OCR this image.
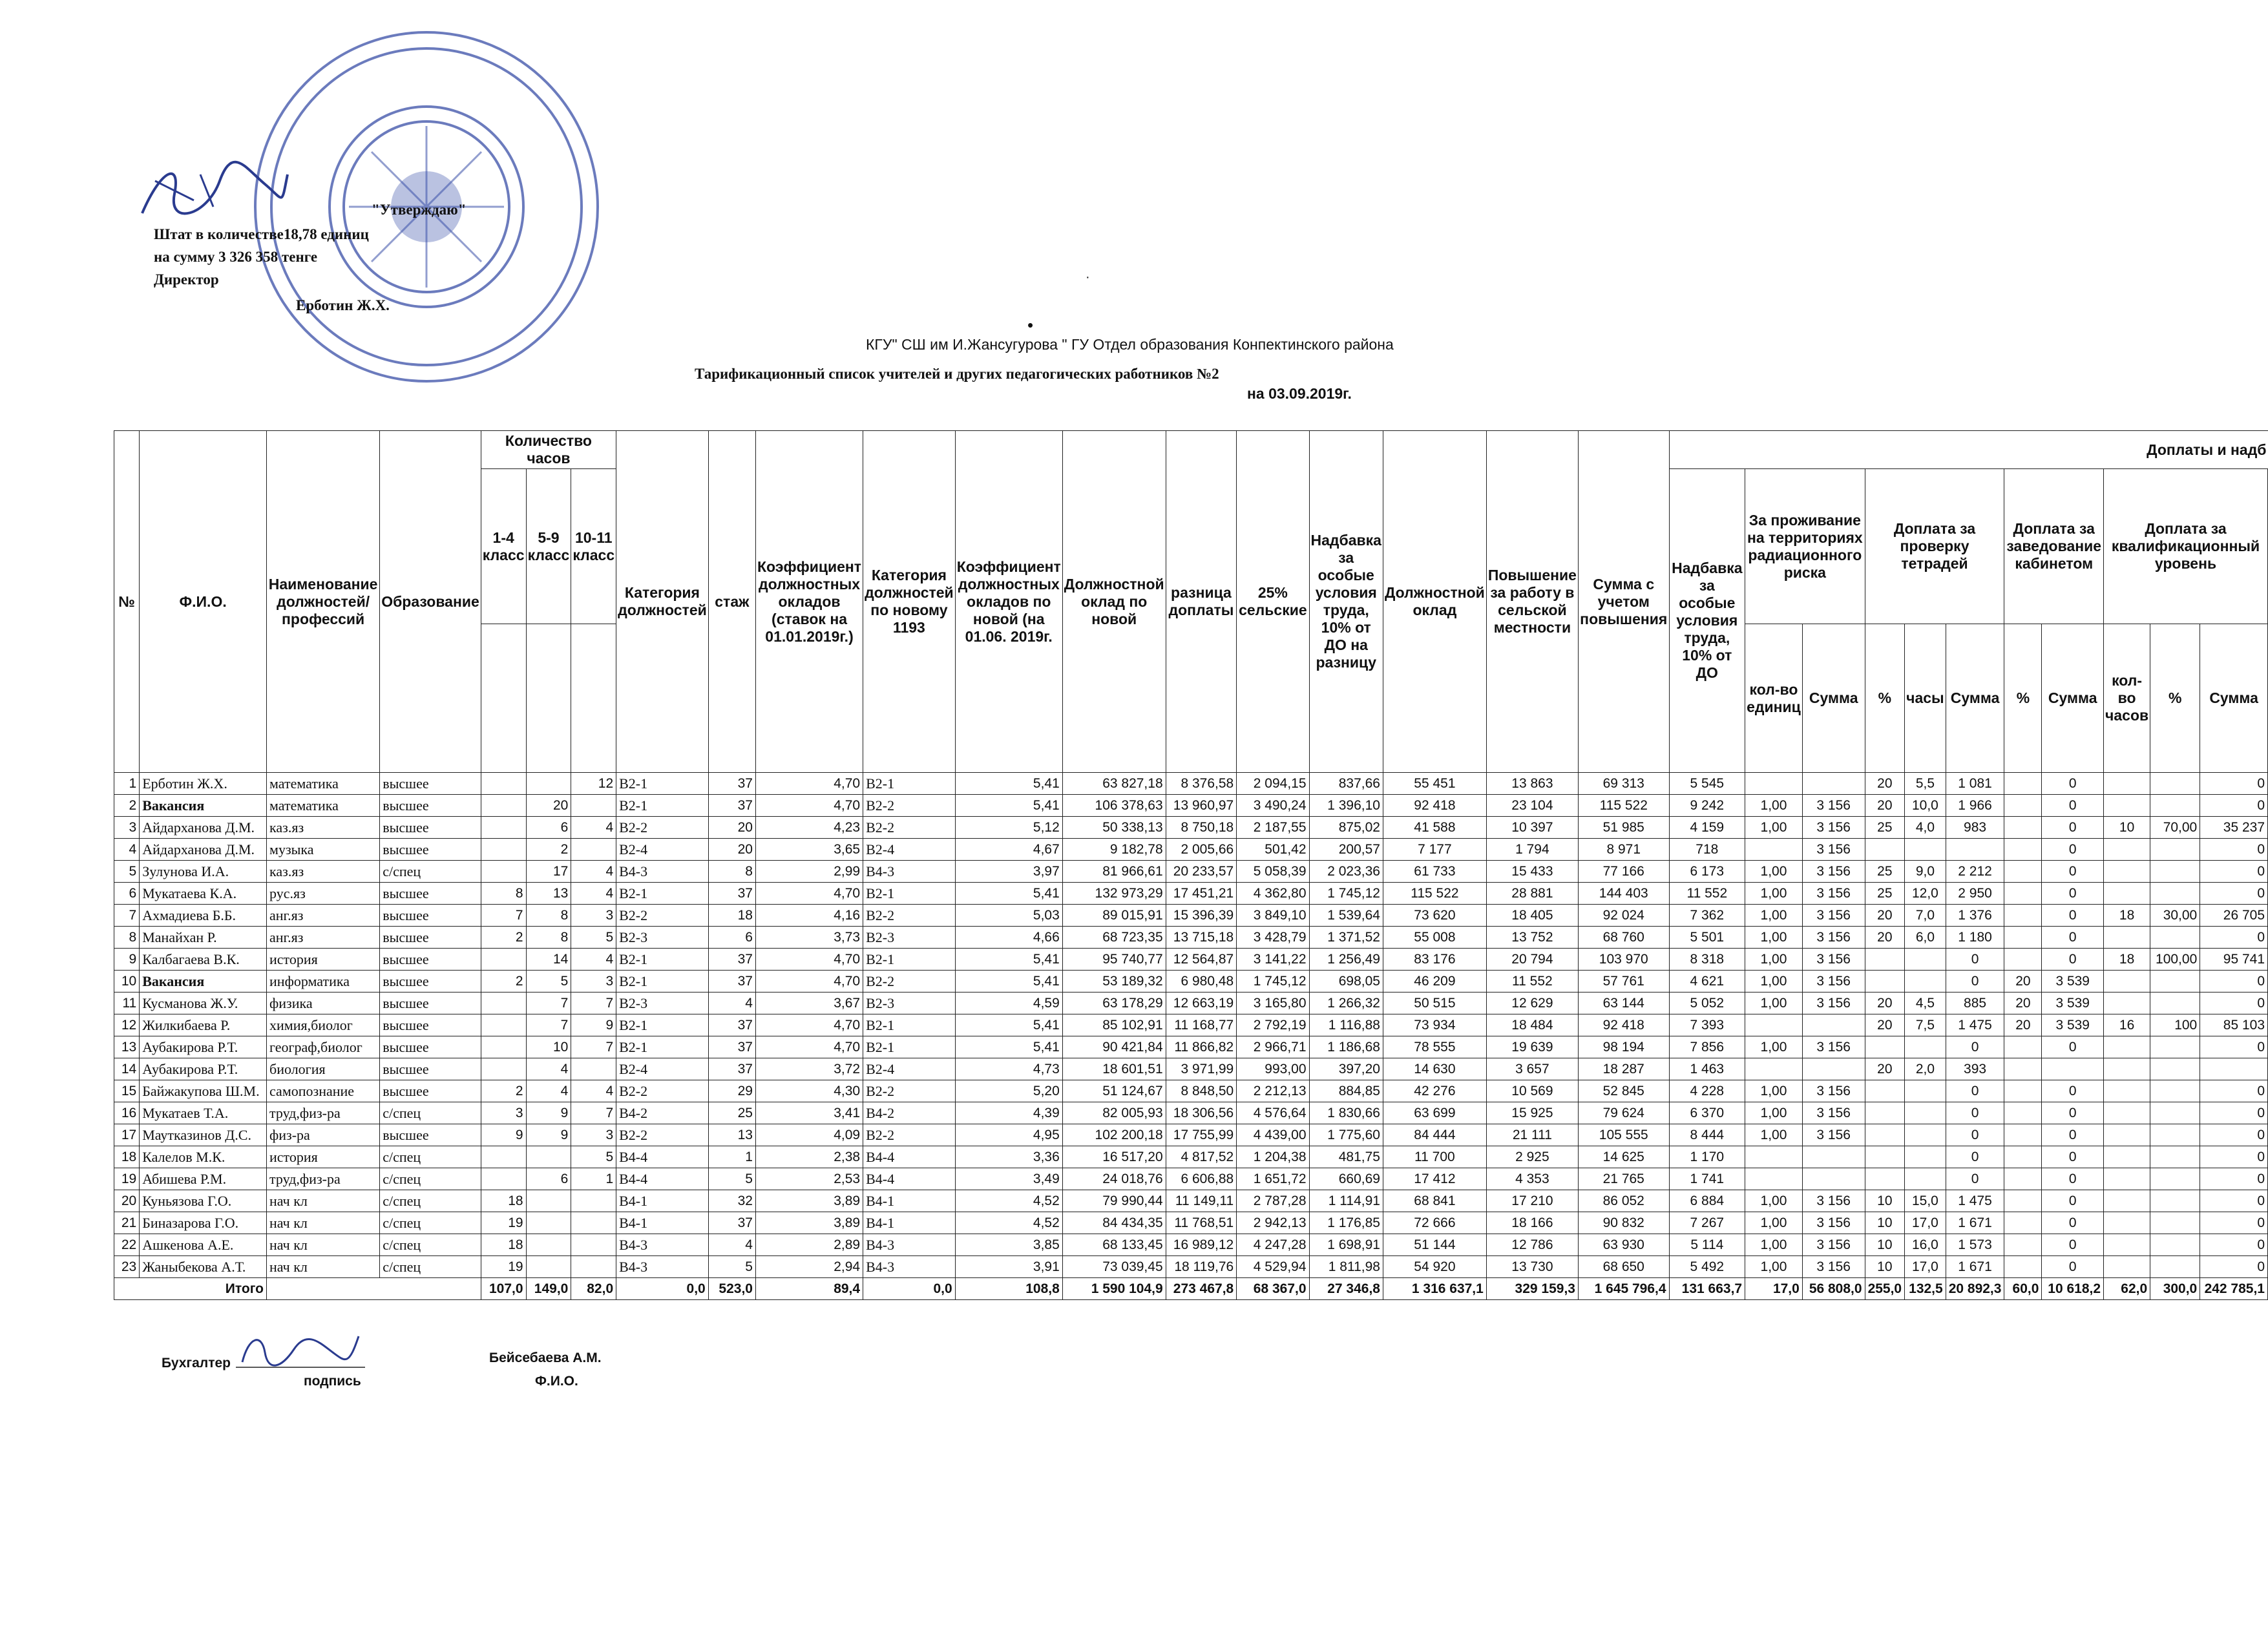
"Утверждаю"
Штат в количестве18,78 единиц
на сумму 3 326 358 тенге
Директор
Ерботин Ж.Х.
•
·
КГУ" СШ им И.Жансугурова " ГУ Отдел образования Конпектинского района
Тарификационный список учителей и других педагогических работников №2
на 03.09.2019г.
№	Ф.И.О.	Наименование должностей/ профессий	Образование	Количество часов			Категория должностей	стаж	Коэффициент должностных окладов (ставок на 01.01.2019г.)	Категория должностей по новому 1193	Коэффициент должностных окладов по новой (на 01.06. 2019г.	Должностной оклад по новой	разница доплаты	25% сельские	Надбавка за особые условия труда, 10% от ДО на разницу	Должностной оклад	Повышение за работу в сельской местности	Сумма с учетом повышения	Доплаты и надб										
				1-4 класс	5-9 класс	10-11 класс													Надбавка за особые условия труда, 10% от ДО	За проживание на территориях радиационного риска		Доплата за проверку тетрадей			Доплата за заведование кабинетом		Доплата за квалификационный уровень		
																				кол-во единиц	Сумма	%	часы	Сумма	%	Сумма	кол-во часов	%	Сумма
1	Ерботин Ж.Х.	математика	высшее			12	В2-1	37	4,70	В2-1	5,41	63 827,18	8 376,58	2 094,15	837,66	55 451	13 863	69 313	5 545			20	5,5	1 081		0			0
2	Вакансия	математика	высшее		20		В2-1	37	4,70	В2-2	5,41	106 378,63	13 960,97	3 490,24	1 396,10	92 418	23 104	115 522	9 242	1,00	3 156	20	10,0	1 966		0			0
3	Айдарханова Д.М.	каз.яз	высшее		6	4	В2-2	20	4,23	В2-2	5,12	50 338,13	8 750,18	2 187,55	875,02	41 588	10 397	51 985	4 159	1,00	3 156	25	4,0	983		0	10	70,00	35 237
4	Айдарханова Д.М.	музыка	высшее		2		В2-4	20	3,65	В2-4	4,67	9 182,78	2 005,66	501,42	200,57	7 177	1 794	8 971	718		3 156					0			0
5	Зулунова И.А.	каз.яз	с/спец		17	4	В4-3	8	2,99	В4-3	3,97	81 966,61	20 233,57	5 058,39	2 023,36	61 733	15 433	77 166	6 173	1,00	3 156	25	9,0	2 212		0			0
6	Мукатаева К.А.	рус.яз	высшее	8	13	4	В2-1	37	4,70	В2-1	5,41	132 973,29	17 451,21	4 362,80	1 745,12	115 522	28 881	144 403	11 552	1,00	3 156	25	12,0	2 950		0			0
7	Ахмадиева Б.Б.	анг.яз	высшее	7	8	3	В2-2	18	4,16	В2-2	5,03	89 015,91	15 396,39	3 849,10	1 539,64	73 620	18 405	92 024	7 362	1,00	3 156	20	7,0	1 376		0	18	30,00	26 705
8	Манайхан Р.	анг.яз	высшее	2	8	5	В2-3	6	3,73	В2-3	4,66	68 723,35	13 715,18	3 428,79	1 371,52	55 008	13 752	68 760	5 501	1,00	3 156	20	6,0	1 180		0			0
9	Калбагаева В.К.	история	высшее		14	4	В2-1	37	4,70	В2-1	5,41	95 740,77	12 564,87	3 141,22	1 256,49	83 176	20 794	103 970	8 318	1,00	3 156			0		0	18	100,00	95 741
10	Вакансия	информатика	высшее	2	5	3	В2-1	37	4,70	В2-2	5,41	53 189,32	6 980,48	1 745,12	698,05	46 209	11 552	57 761	4 621	1,00	3 156			0	20	3 539			0
11	Кусманова Ж.У.	физика	высшее		7	7	В2-3	4	3,67	В2-3	4,59	63 178,29	12 663,19	3 165,80	1 266,32	50 515	12 629	63 144	5 052	1,00	3 156	20	4,5	885	20	3 539			0
12	Жилкибаева Р.	химия,биолог	высшее		7	9	В2-1	37	4,70	В2-1	5,41	85 102,91	11 168,77	2 792,19	1 116,88	73 934	18 484	92 418	7 393			20	7,5	1 475	20	3 539	16	100	85 103
13	Аубакирова Р.Т.	географ,биолог	высшее		10	7	В2-1	37	4,70	В2-1	5,41	90 421,84	11 866,82	2 966,71	1 186,68	78 555	19 639	98 194	7 856	1,00	3 156			0		0			0
14	Аубакирова Р.Т.	биология	высшее		4		В2-4	37	3,72	В2-4	4,73	18 601,51	3 971,99	993,00	397,20	14 630	3 657	18 287	1 463			20	2,0	393					
15	Байжакупова Ш.М.	самопознание	высшее	2	4	4	В2-2	29	4,30	В2-2	5,20	51 124,67	8 848,50	2 212,13	884,85	42 276	10 569	52 845	4 228	1,00	3 156			0		0			0
16	Мукатаев Т.А.	труд,физ-ра	с/спец	3	9	7	В4-2	25	3,41	В4-2	4,39	82 005,93	18 306,56	4 576,64	1 830,66	63 699	15 925	79 624	6 370	1,00	3 156			0		0			0
17	Маутказинов Д.С.	физ-ра	высшее	9	9	3	В2-2	13	4,09	В2-2	4,95	102 200,18	17 755,99	4 439,00	1 775,60	84 444	21 111	105 555	8 444	1,00	3 156			0		0			0
18	Калелов М.К.	история	с/спец			5	В4-4	1	2,38	В4-4	3,36	16 517,20	4 817,52	1 204,38	481,75	11 700	2 925	14 625	1 170					0		0			0
19	Абишева Р.М.	труд,физ-ра	с/спец		6	1	В4-4	5	2,53	В4-4	3,49	24 018,76	6 606,88	1 651,72	660,69	17 412	4 353	21 765	1 741					0		0			0
20	Куньязова Г.О.	нач кл	с/спец	18			В4-1	32	3,89	В4-1	4,52	79 990,44	11 149,11	2 787,28	1 114,91	68 841	17 210	86 052	6 884	1,00	3 156	10	15,0	1 475		0			0
21	Биназарова Г.О.	нач кл	с/спец	19			В4-1	37	3,89	В4-1	4,52	84 434,35	11 768,51	2 942,13	1 176,85	72 666	18 166	90 832	7 267	1,00	3 156	10	17,0	1 671		0			0
22	Ашкенова А.Е.	нач кл	с/спец	18			В4-3	4	2,89	В4-3	3,85	68 133,45	16 989,12	4 247,28	1 698,91	51 144	12 786	63 930	5 114	1,00	3 156	10	16,0	1 573		0			0
23	Жаныбекова А.Т.	нач кл	с/спец	19			В4-3	5	2,94	В4-3	3,91	73 039,45	18 119,76	4 529,94	1 811,98	54 920	13 730	68 650	5 492	1,00	3 156	10	17,0	1 671		0			0
Итого				107,0	149,0	82,0	0,0	523,0	89,4	0,0	108,8	1 590 104,9	273 467,8	68 367,0	27 346,8	1 316 637,1	329 159,3	1 645 796,4	131 663,7	17,0	56 808,0	255,0	132,5	20 892,3	60,0	10 618,2	62,0	300,0	242 785,1
Бухгалтер	Бейсебаева А.М.
подпись	Ф.И.О.
